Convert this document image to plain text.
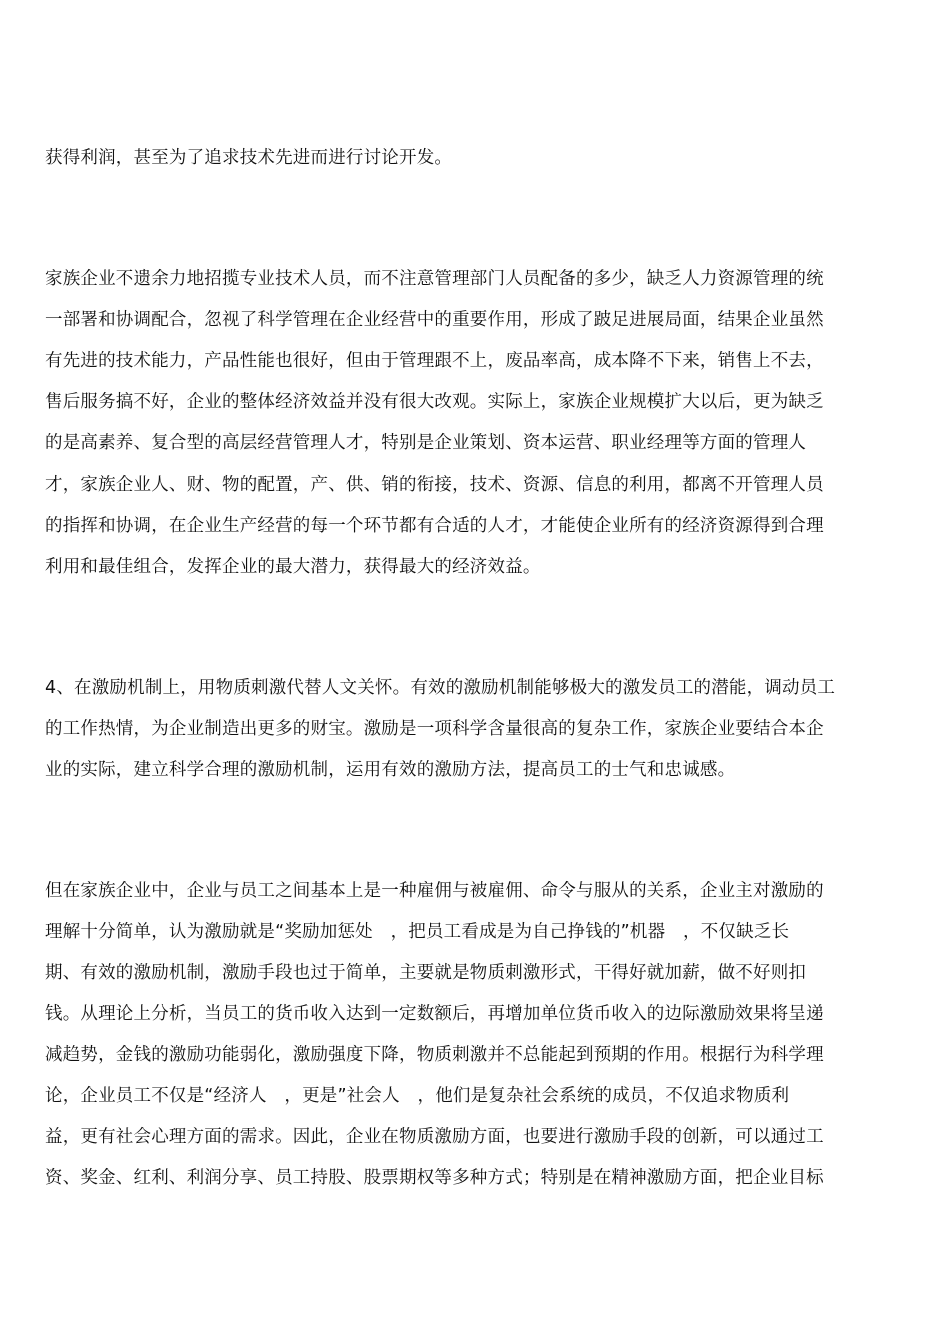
获得利润，甚至为了追求技术先进而进行讨论开发。
家族企业不遗余力地招揽专业技术人员，而不注意管理部门人员配备的多少，缺乏人力资源管理的统
一部署和协调配合，忽视了科学管理在企业经营中的重要作用，形成了跛足进展局面，结果企业虽然
有先进的技术能力，产品性能也很好，但由于管理跟不上，废品率高，成本降不下来，销售上不去，
售后服务搞不好，企业的整体经济效益并没有很大改观。实际上，家族企业规模扩大以后，更为缺乏
的是高素养、复合型的高层经营管理人才，特别是企业策划、资本运营、职业经理等方面的管理人
才，家族企业人、财、物的配置，产、供、销的衔接，技术、资源、信息的利用，都离不开管理人员
的指挥和协调，在企业生产经营的每一个环节都有合适的人才，才能使企业所有的经济资源得到合理
利用和最佳组合，发挥企业的最大潜力，获得最大的经济效益。
4、在激励机制上，用物质刺激代替人文关怀。有效的激励机制能够极大的激发员工的潜能，调动员工
的工作热情，为企业制造出更多的财宝。激励是一项科学含量很高的复杂工作，家族企业要结合本企
业的实际，建立科学合理的激励机制，运用有效的激励方法，提高员工的士气和忠诚感。
但在家族企业中，企业与员工之间基本上是一种雇佣与被雇佣、命令与服从的关系，企业主对激励的
理解十分简单，认为激励就是“奖励加惩处　，把员工看成是为自己挣钱的”机器　，不仅缺乏长
期、有效的激励机制，激励手段也过于简单，主要就是物质刺激形式，干得好就加薪，做不好则扣
钱。从理论上分析，当员工的货币收入达到一定数额后，再增加单位货币收入的边际激励效果将呈递
减趋势，金钱的激励功能弱化，激励强度下降，物质刺激并不总能起到预期的作用。根据行为科学理
论，企业员工不仅是“经济人　，更是”社会人　，他们是复杂社会系统的成员，不仅追求物质利
益，更有社会心理方面的需求。因此，企业在物质激励方面，也要进行激励手段的创新，可以通过工
资、奖金、红利、利润分享、员工持股、股票期权等多种方式；特别是在精神激励方面，把企业目标
